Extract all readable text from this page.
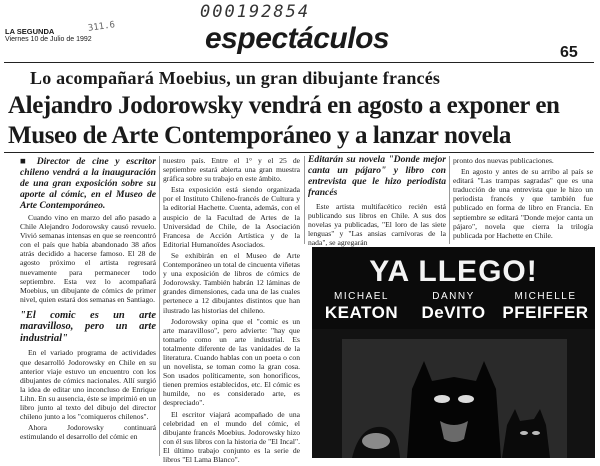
000192854
LA SEGUNDA
Viernes 10 de Julio de 1992
311.6	espectáculos	65
Lo acompañará Moebius, un gran dibujante francés
Alejandro Jodorowsky vendrá en agosto a exponer en Museo de Arte Contemporáneo y a lanzar novela

■ Director de cine y escritor chileno vendrá a la inauguración de una gran exposición sobre su aporte al cómic, en el Museo de Arte Contemporáneo.

Cuando vino en marzo del año pasado a Chile Alejandro Jodorowsky causó revuelo. Vivió semanas intensas en que se reencontró con el país que había abandonado 38 años atrás decidido a hacerse famoso. El 28 de agosto próximo el artista regresará nuevamente para permanecer todo septiembre. Esta vez lo acompañará Moebius, un dibujante de cómics de primer nivel, quien estará dos semanas en Santiago.

"El comic es un arte maravilloso, pero un arte industrial"

En el variado programa de actividades que desarrolló Jodorowsky en Chile en su anterior viaje estuvo un encuentro con los dibujantes de cómics nacionales. Allí surgió la idea de editar uno inconcluso de Enrique Lihn. En su ausencia, éste se imprimió en un libro junto al texto del dibujo del director chileno junto a los "comiqueros chilenos".

Ahora Jodorowsky continuará estimulando el desarrollo del cómic en

nuestro país. Entre el 1° y el 25 de septiembre estará abierta una gran muestra gráfica sobre su trabajo en este ámbito.

Esta exposición está siendo organizada por el Instituto Chileno-francés de Cultura y la editorial Hachette. Cuenta, además, con el auspicio de la Facultad de Artes de la Universidad de Chile, de la Asociación Francesa de Acción Artística y de la Editorial Humanoïdes Asociados.

Se exhibirán en el Museo de Arte Contemporáneo un total de cincuenta viñetas y una exposición de libros de cómics de Jodorowsky. También habrán 12 láminas de grandes dimensiones, cada una de las cuales pertenece a 12 dibujantes distintos que han ilustrado las historias del chileno.

Jodorowsky opina que el "comic es un arte maravilloso", pero advierte: "hay que tomarlo como un arte industrial. Es totalmente diferente de las vanidades de la literatura. Cuando hablas con un poeta o con un novelista, se toman como la gran cosa. Son usados políticamente, son honoríficos, tienen premios establecidos, etc. El cómic es humilde, no es considerado arte, es despreciado".

El escritor viajará acompañado de una celebridad en el mundo del cómic, el dibujante francés Moebius. Jodorowsky hizo con él sus libros con la historia de "El Incal". El último trabajo conjunto es la serie de libros "El Lama Blanco".

Editarán su novela "Donde mejor canta un pájaro" y libro con entrevista que le hizo periodista francés

Este artista multifacético recién está publicando sus libros en Chile. A sus dos novelas ya publicadas, "El loro de las siete lenguas" y "Las ansias carnívoras de la nada", se agregarán

pronto dos nuevas publicaciones.

En agosto y antes de su arribo al país se editará "Las trampas sagradas" que es una traducción de una entrevista que le hizo un periodista francés y que también fue publicado en forma de libro en Francia. En septiembre se editará "Donde mejor canta un pájaro", novela que cierra la trilogía publicada por Hachette en Chile.

YA LLEGO!
MICHAEL
KEATON
DANNY
DeVITO
MICHELLE
PFEIFFER
